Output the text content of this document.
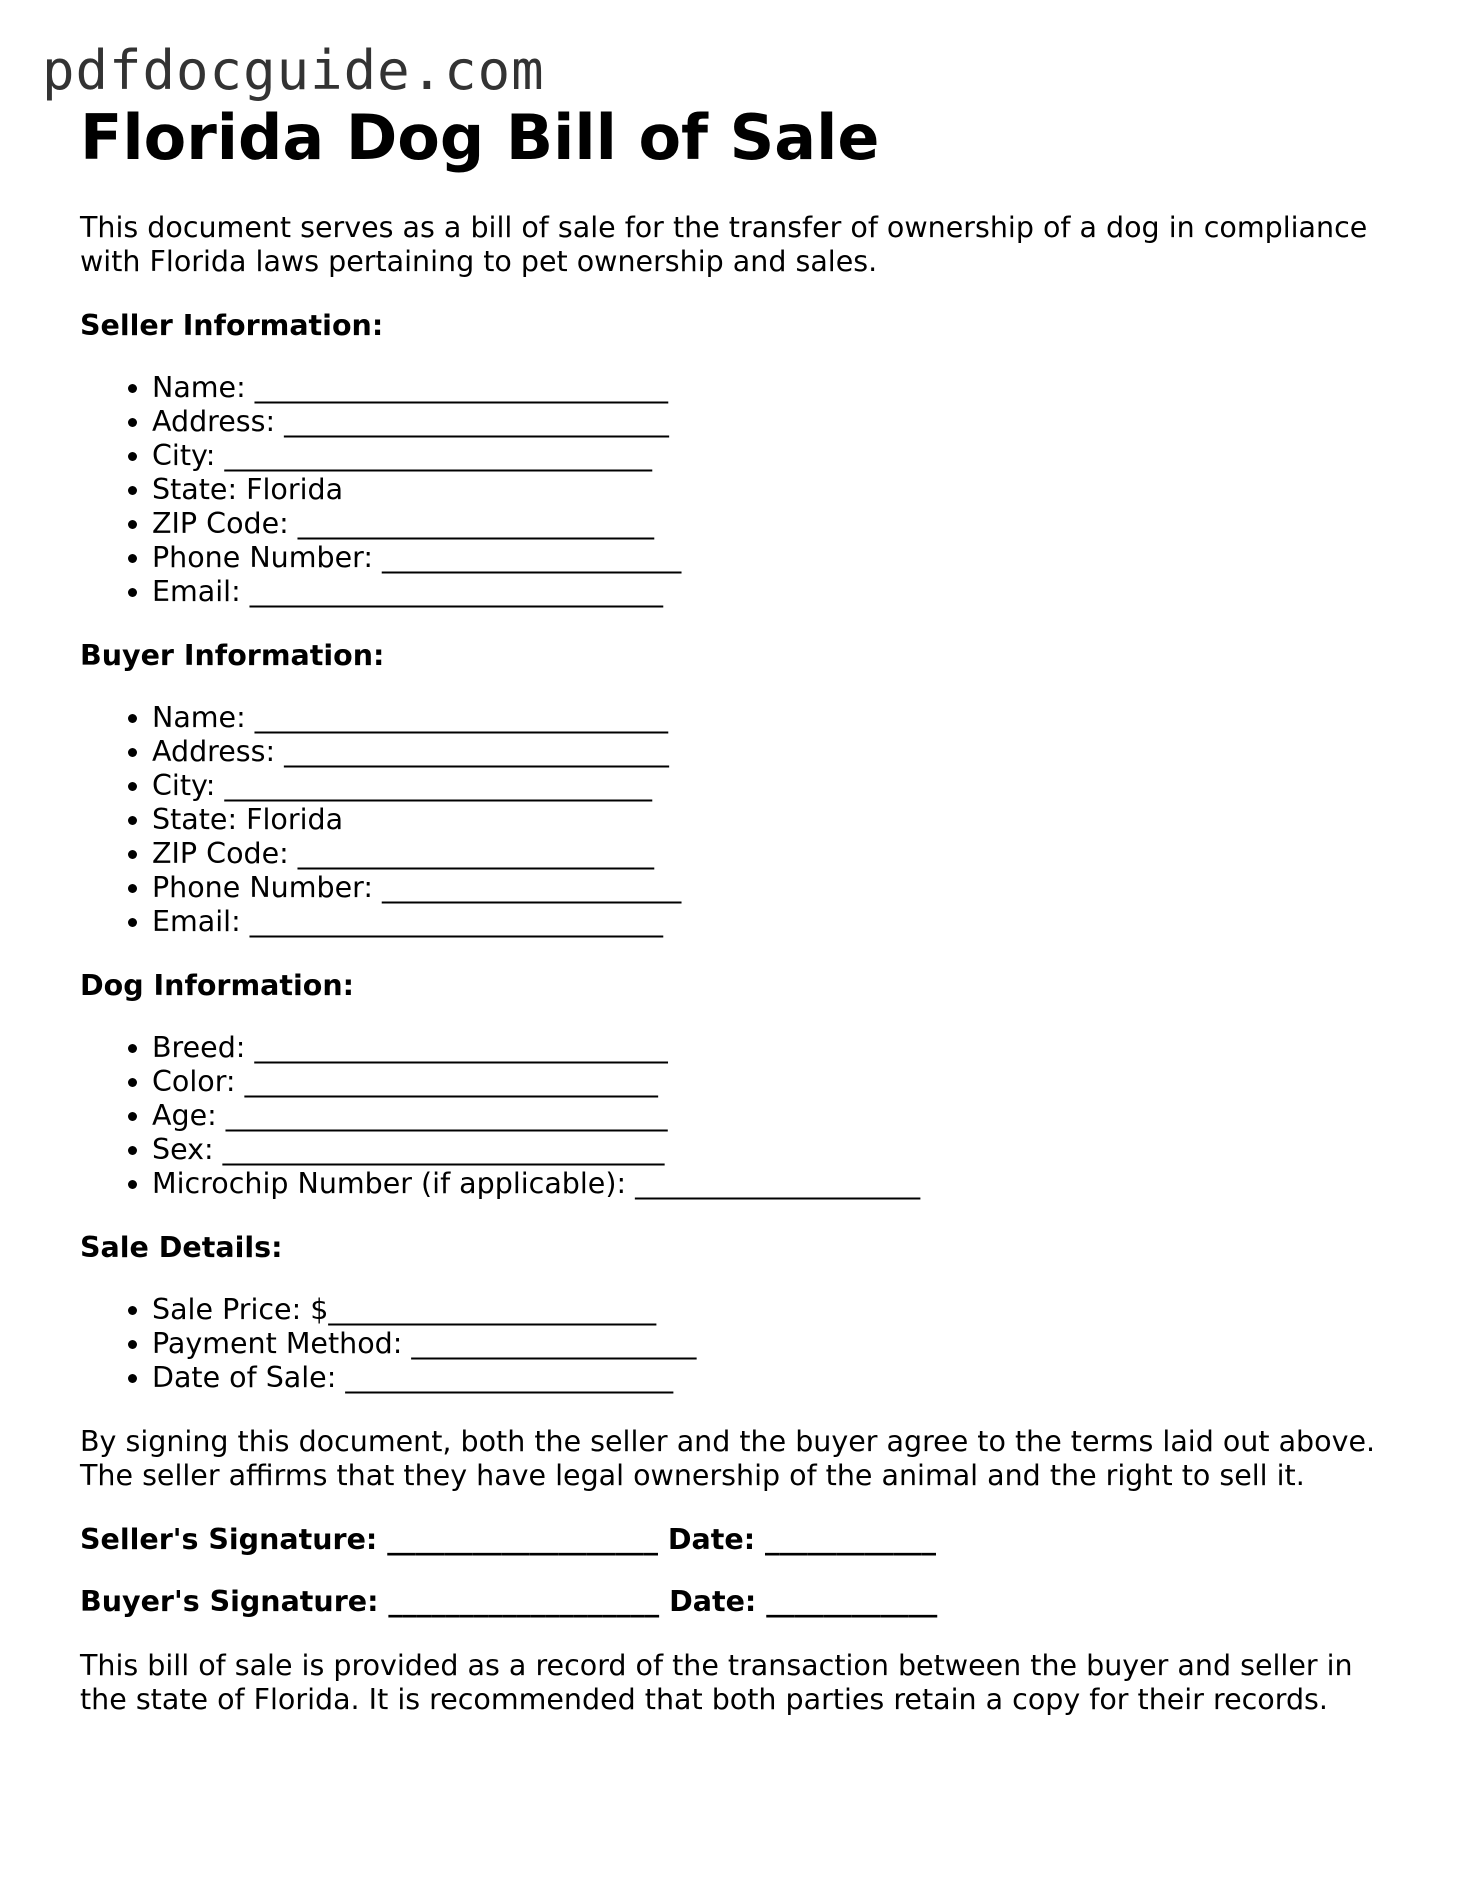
pdfdocguide.com
Florida Dog Bill of Sale

This document serves as a bill of sale for the transfer of ownership of a dog in compliance with Florida laws pertaining to pet ownership and sales.

Seller Information:
• Name: _____________________________
• Address: ___________________________
• City: ______________________________
• State: Florida
• ZIP Code: _________________________
• Phone Number: _____________________
• Email: _____________________________
Buyer Information:
• Name: _____________________________
• Address: ___________________________
• City: ______________________________
• State: Florida
• ZIP Code: _________________________
• Phone Number: _____________________
• Email: _____________________________
Dog Information:
• Breed: _____________________________
• Color: _____________________________
• Age: _______________________________
• Sex: _______________________________
• Microchip Number (if applicable): ____________________
Sale Details:
• Sale Price: $_______________________
• Payment Method: ____________________
• Date of Sale: _______________________

By signing this document, both the seller and the buyer agree to the terms laid out above. The seller affirms that they have legal ownership of the animal and the right to sell it.

Seller's Signature: ___________________ Date: ____________
Buyer's Signature: ___________________ Date: ____________

This bill of sale is provided as a record of the transaction between the buyer and seller in the state of Florida. It is recommended that both parties retain a copy for their records.
